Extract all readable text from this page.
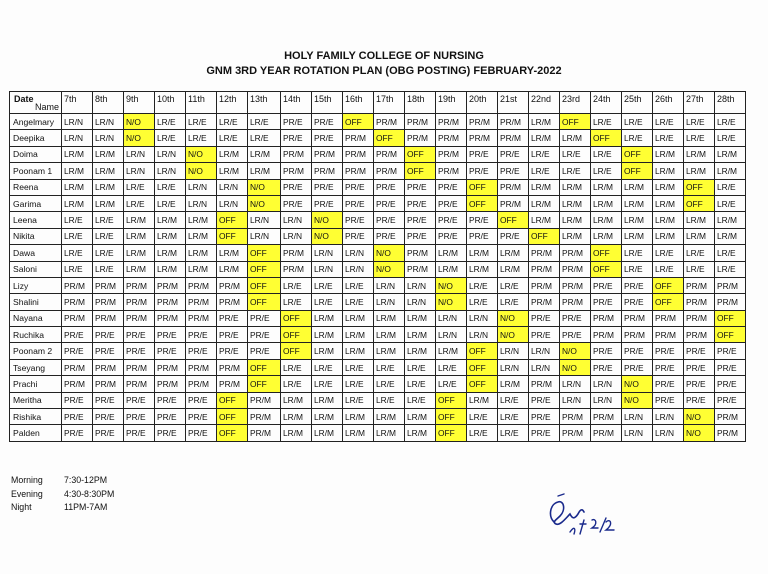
HOLY FAMILY COLLEGE OF NURSING
GNM 3RD YEAR ROTATION PLAN (OBG POSTING) FEBRUARY-2022
Date
Name	7th	8th	9th	10th	11th	12th	13th	14th	15th	16th	17th	18th	19th	20th	21st	22nd	23rd	24th	25th	26th	27th	28th
Angelmary	LR/N	LR/N	N/O	LR/E	LR/E	LR/E	LR/E	PR/E	PR/E	OFF	PR/M	PR/M	PR/M	PR/M	PR/M	LR/M	OFF	LR/E	LR/E	LR/E	LR/E	LR/E
Deepika	LR/N	LR/N	N/O	LR/E	LR/E	LR/E	LR/E	PR/E	PR/E	PR/M	OFF	PR/M	PR/M	PR/M	PR/M	LR/M	LR/M	OFF	LR/E	LR/E	LR/E	LR/E
Doima	LR/M	LR/M	LR/N	LR/N	N/O	LR/M	LR/M	PR/M	PR/M	PR/M	PR/M	OFF	PR/M	PR/E	PR/E	LR/E	LR/E	LR/E	OFF	LR/M	LR/M	LR/M
Poonam 1	LR/M	LR/M	LR/N	LR/N	N/O	LR/M	LR/M	PR/M	PR/M	PR/M	PR/M	OFF	PR/M	PR/E	PR/E	LR/E	LR/E	LR/E	OFF	LR/M	LR/M	LR/M
Reena	LR/M	LR/M	LR/E	LR/E	LR/N	LR/N	N/O	PR/E	PR/E	PR/E	PR/E	PR/E	PR/E	OFF	PR/M	LR/M	LR/M	LR/M	LR/M	LR/M	OFF	LR/E
Garima	LR/M	LR/M	LR/E	LR/E	LR/N	LR/N	N/O	PR/E	PR/E	PR/E	PR/E	PR/E	PR/E	OFF	PR/M	LR/M	LR/M	LR/M	LR/M	LR/M	OFF	LR/E
Leena	LR/E	LR/E	LR/M	LR/M	LR/M	OFF	LR/N	LR/N	N/O	PR/E	PR/E	PR/E	PR/E	PR/E	OFF	LR/M	LR/M	LR/M	LR/M	LR/M	LR/M	LR/M
Nikita	LR/E	LR/E	LR/M	LR/M	LR/M	OFF	LR/N	LR/N	N/O	PR/E	PR/E	PR/E	PR/E	PR/E	PR/E	OFF	LR/M	LR/M	LR/M	LR/M	LR/M	LR/M
Dawa	LR/E	LR/E	LR/M	LR/M	LR/M	LR/M	OFF	PR/M	LR/N	LR/N	N/O	PR/M	LR/M	LR/M	LR/M	PR/M	PR/M	OFF	LR/E	LR/E	LR/E	LR/E
Saloni	LR/E	LR/E	LR/M	LR/M	LR/M	LR/M	OFF	PR/M	LR/N	LR/N	N/O	PR/M	LR/M	LR/M	LR/M	PR/M	PR/M	OFF	LR/E	LR/E	LR/E	LR/E
Lizy	PR/M	PR/M	PR/M	PR/M	PR/M	PR/M	OFF	LR/E	LR/E	LR/E	LR/N	LR/N	N/O	LR/E	LR/E	PR/M	PR/M	PR/E	PR/E	OFF	PR/M	PR/M
Shalini	PR/M	PR/M	PR/M	PR/M	PR/M	PR/M	OFF	LR/E	LR/E	LR/E	LR/N	LR/N	N/O	LR/E	LR/E	PR/M	PR/M	PR/E	PR/E	OFF	PR/M	PR/M
Nayana	PR/M	PR/M	PR/M	PR/M	PR/M	PR/E	PR/E	OFF	LR/M	LR/M	LR/M	LR/M	LR/N	LR/N	N/O	PR/E	PR/E	PR/M	PR/M	PR/M	PR/M	OFF
Ruchika	PR/E	PR/E	PR/E	PR/E	PR/E	PR/E	PR/E	OFF	LR/M	LR/M	LR/M	LR/M	LR/N	LR/N	N/O	PR/E	PR/E	PR/M	PR/M	PR/M	PR/M	OFF
Poonam 2	PR/E	PR/E	PR/E	PR/E	PR/E	PR/E	PR/E	OFF	LR/M	LR/M	LR/M	LR/M	LR/M	OFF	LR/N	LR/N	N/O	PR/E	PR/E	PR/E	PR/E	PR/E
Tseyang	PR/M	PR/M	PR/M	PR/M	PR/M	PR/M	OFF	LR/E	LR/E	LR/E	LR/E	LR/E	LR/E	OFF	LR/N	LR/N	N/O	PR/E	PR/E	PR/E	PR/E	PR/E
Prachi	PR/M	PR/M	PR/M	PR/M	PR/M	PR/M	OFF	LR/E	LR/E	LR/E	LR/E	LR/E	LR/E	OFF	LR/M	PR/M	LR/N	LR/N	N/O	PR/E	PR/E	PR/E
Meritha	PR/E	PR/E	PR/E	PR/E	PR/E	OFF	PR/M	LR/M	LR/M	LR/E	LR/E	LR/E	OFF	LR/M	LR/E	PR/E	LR/N	LR/N	N/O	PR/E	PR/E	PR/E
Rishika	PR/E	PR/E	PR/E	PR/E	PR/E	OFF	PR/M	LR/M	LR/M	LR/M	LR/M	LR/M	OFF	LR/E	LR/E	PR/E	PR/M	PR/M	LR/N	LR/N	N/O	PR/M
Palden	PR/E	PR/E	PR/E	PR/E	PR/E	OFF	PR/M	LR/M	LR/M	LR/M	LR/M	LR/M	OFF	LR/E	LR/E	PR/E	PR/M	PR/M	LR/N	LR/N	N/O	PR/M
Morning 7:30-12PM
Evening 4:30-8:30PM
Night	11PM-7AM
